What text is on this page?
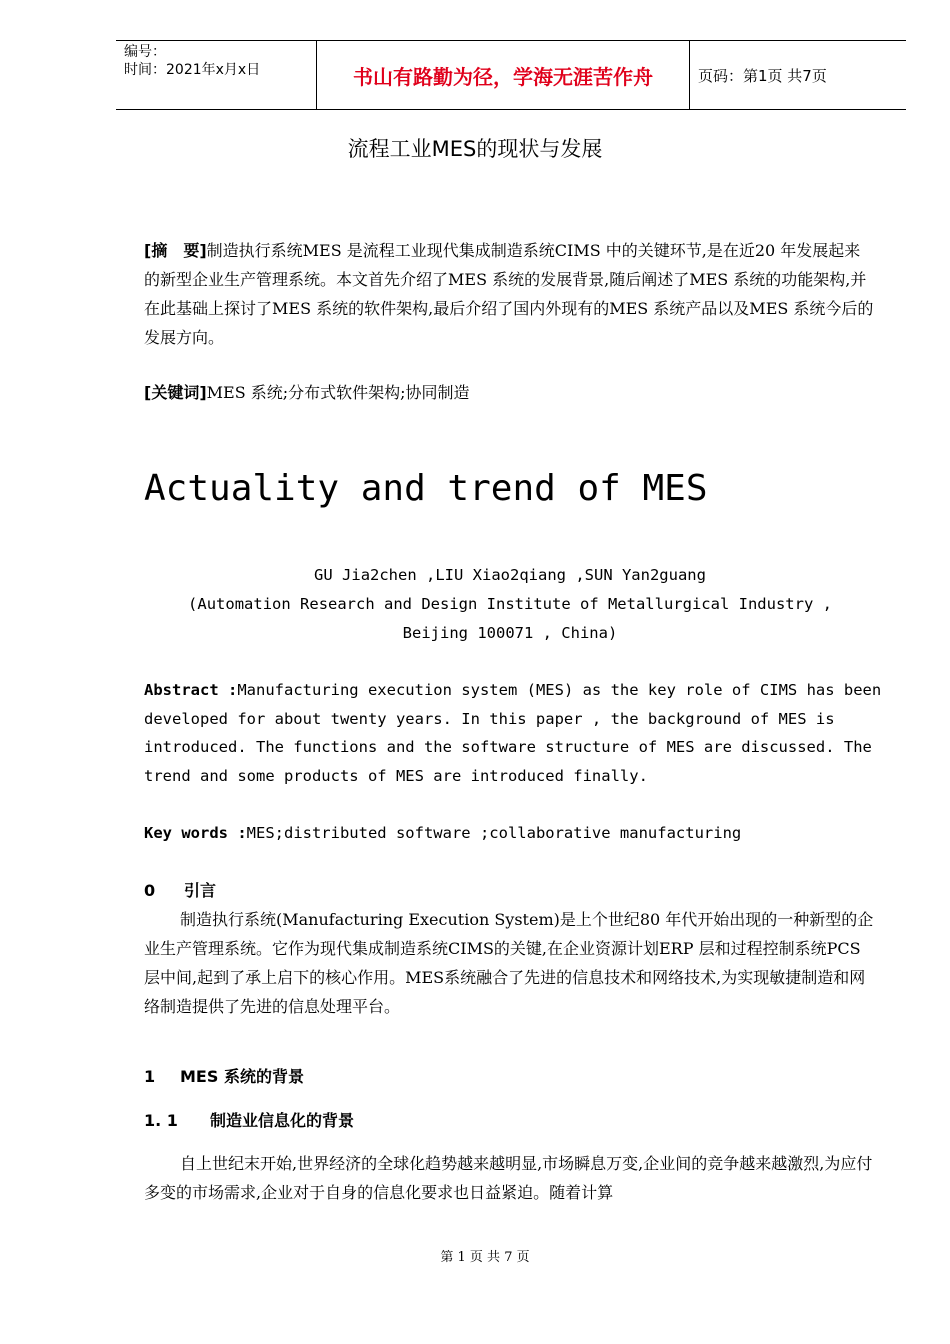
编号：
时间：2021年x月x日	书山有路勤为径，学海无涯苦作舟	页码：第1页 共7页
流程工业MES的现状与发展
[摘　要]制造执行系统MES 是流程工业现代集成制造系统CIMS 中的关键环节,是在近20 年发展起来的新型企业生产管理系统。本文首先介绍了MES 系统的发展背景,随后阐述了MES 系统的功能架构,并在此基础上探讨了MES 系统的软件架构,最后介绍了国内外现有的MES 系统产品以及MES 系统今后的发展方向。
[关键词]MES 系统;分布式软件架构;协同制造
Actuality and trend of MES
GU Jia2chen ,LIU Xiao2qiang ,SUN Yan2guang
(Automation Research and Design Institute of Metallurgical Industry ,
Beijing 100071 , China)
Abstract :Manufacturing execution system (MES) as the key role of CIMS has been developed for about twenty years. In this paper , the background of MES is introduced. The functions and the software structure of MES are discussed. The trend and some products of MES are introduced finally.
Key words :MES;distributed software ;collaborative manufacturing
0 引言
制造执行系统(Manufacturing Execution System)是上个世纪80 年代开始出现的一种新型的企业生产管理系统。它作为现代集成制造系统CIMS的关键,在企业资源计划ERP 层和过程控制系统PCS 层中间,起到了承上启下的核心作用。MES系统融合了先进的信息技术和网络技术,为实现敏捷制造和网络制造提供了先进的信息处理平台。
1 MES 系统的背景
1. 1 制造业信息化的背景
自上世纪末开始,世界经济的全球化趋势越来越明显,市场瞬息万变,企业间的竞争越来越激烈,为应付多变的市场需求,企业对于自身的信息化要求也日益紧迫。随着计算
第 1 页 共 7 页
